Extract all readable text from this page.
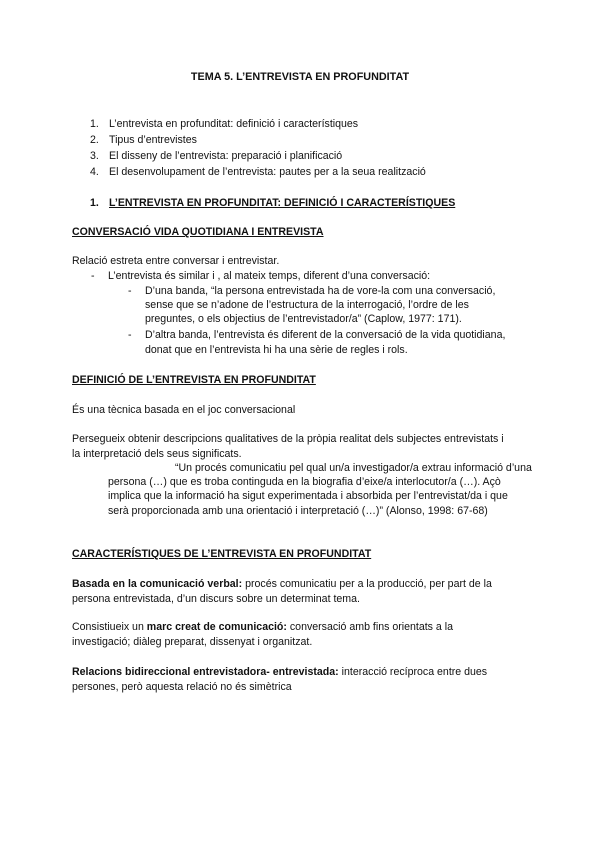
TEMA 5. L’ENTREVISTA EN PROFUNDITAT
1. L’entrevista en profunditat: definició i característiques
2. Tipus d’entrevistes
3. El disseny de l’entrevista: preparació i planificació
4. El desenvolupament de l’entrevista: pautes per a la seua realització
1. L’ENTREVISTA EN PROFUNDITAT: DEFINICIÓ I CARACTERÍSTIQUES
CONVERSACIÓ VIDA QUOTIDIANA I ENTREVISTA
Relació estreta entre conversar i entrevistar.
- L’entrevista és similar i , al mateix temps, diferent d’una conversació:
- D’una banda, “la persona entrevistada ha de vore-la com una conversació,
sense que se n’adone de l’estructura de la interrogació, l’ordre de les
preguntes, o els objectius de l’entrevistador/a” (Caplow, 1977: 171).
- D’altra banda, l’entrevista és diferent de la conversació de la vida quotidiana,
donat que en l’entrevista hi ha una sèrie de regles i rols.
DEFINICIÓ DE L’ENTREVISTA EN PROFUNDITAT
És una tècnica basada en el joc conversacional
Persegueix obtenir descripcions qualitatives de la pròpia realitat dels subjectes entrevistats i
la interpretació dels seus significats.
“Un procés comunicatiu pel qual un/a investigador/a extrau informació d’una
persona (…) que es troba continguda en la biografia d’eixe/a interlocutor/a (…). Açò
implica que la informació ha sigut experimentada i absorbida per l’entrevistat/da i que
serà proporcionada amb una orientació i interpretació (…)” (Alonso, 1998: 67-68)
CARACTERÍSTIQUES DE L’ENTREVISTA EN PROFUNDITAT
Basada en la comunicació verbal: procés comunicatiu per a la producció, per part de la
persona entrevistada, d’un discurs sobre un determinat tema.
Consistiueix un marc creat de comunicació: conversació amb fins orientats a la
investigació; diàleg preparat, dissenyat i organitzat.
Relacions bidireccional entrevistadora- entrevistada: interacció recíproca entre dues
persones, però aquesta relació no és simètrica
